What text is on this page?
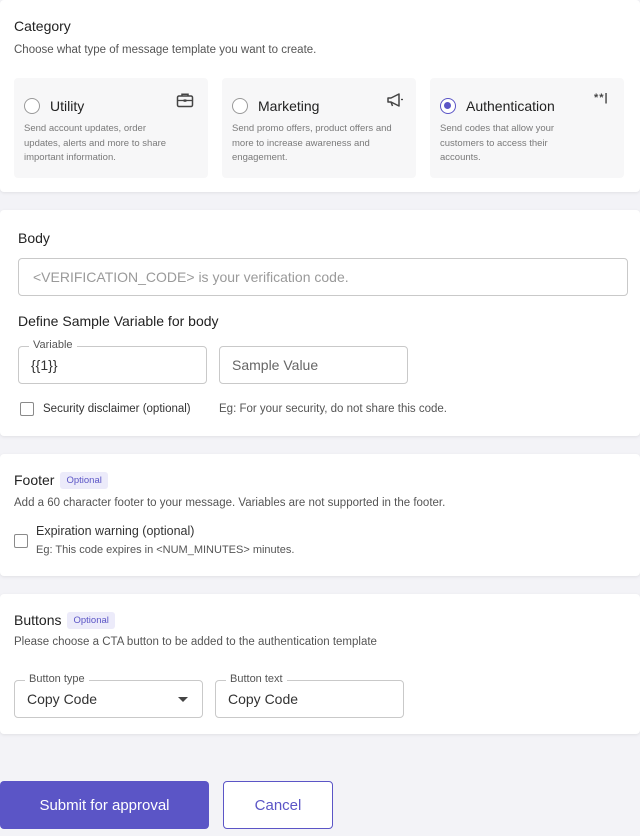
Category
Choose what type of message template you want to create.
Utility
Send account updates, order updates, alerts and more to share important information.
Marketing
Send promo offers, product offers and more to increase awareness and engagement.
Authentication	**|
Send codes that allow your customers to access their accounts.
Body
<VERIFICATION_CODE> is your verification code.
Define Sample Variable for body
Variable
{{1}}	Sample Value
Security disclaimer (optional) Eg: For your security, do not share this code.
Footer Optional
Add a 60 character footer to your message. Variables are not supported in the footer.
Expiration warning (optional)
Eg: This code expires in <NUM_MINUTES> minutes.
Buttons Optional
Please choose a CTA button to be added to the authentication template
Button type
Copy Code
Button text
Copy Code
Submit for approval	Cancel
